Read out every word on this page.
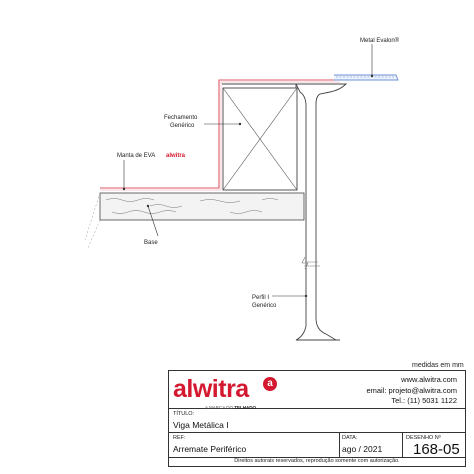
Metal Evalon®
Fechamento
Genérico
Manta de EVA alwitra
Base
Perfil I
Genérico
medidas em mm
alwitra	a
A MARCA DO TELHADO
www.alwitra.com
email: projeto@alwitra.com
Tel.: (11) 5031 1122
TÍTULO:
Viga Metálica I
REF:
Arremate Periférico
DATA:
ago / 2021
DESENHO Nº
168-05
Direitos autorais reservados, reprodução somente com autorização.
